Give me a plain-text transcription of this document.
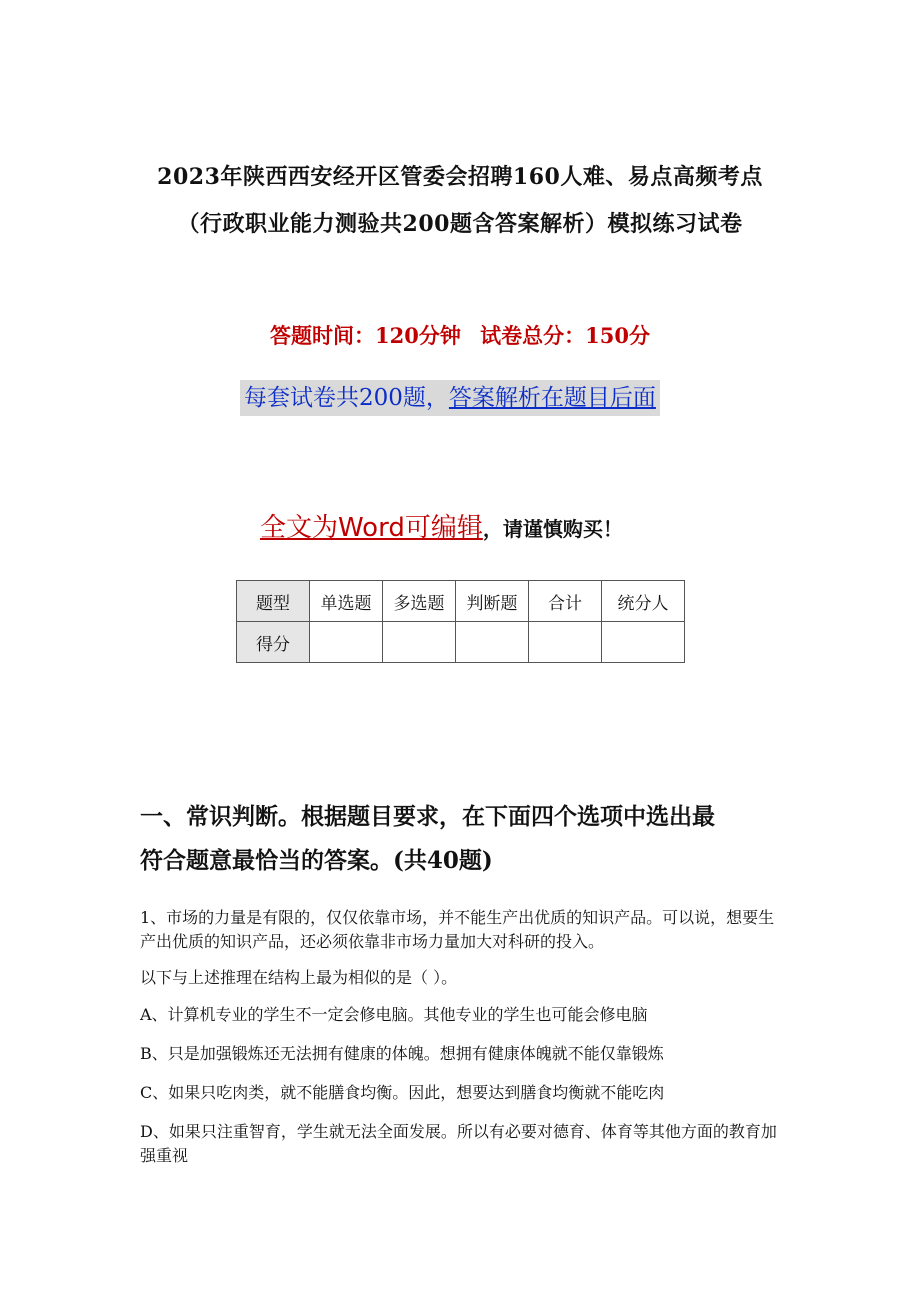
2023年陕西西安经开区管委会招聘160人难、易点高频考点
（行政职业能力测验共200题含答案解析）模拟练习试卷
答题时间：120分钟 试卷总分：150分
每套试卷共200题，答案解析在题目后面
全文为Word可编辑，请谨慎购买！
题型	单选题	多选题	判断题	合计	统分人
得分					
一、常识判断。根据题目要求，在下面四个选项中选出最
符合题意最恰当的答案。(共40题)
1、市场的力量是有限的，仅仅依靠市场，并不能生产出优质的知识产品。可以说，想要生产出优质的知识产品，还必须依靠非市场力量加大对科研的投入。
以下与上述推理在结构上最为相似的是（ ）。
A、计算机专业的学生不一定会修电脑。其他专业的学生也可能会修电脑
B、只是加强锻炼还无法拥有健康的体魄。想拥有健康体魄就不能仅靠锻炼
C、如果只吃肉类，就不能膳食均衡。因此，想要达到膳食均衡就不能吃肉
D、如果只注重智育，学生就无法全面发展。所以有必要对德育、体育等其他方面的教育加强重视
